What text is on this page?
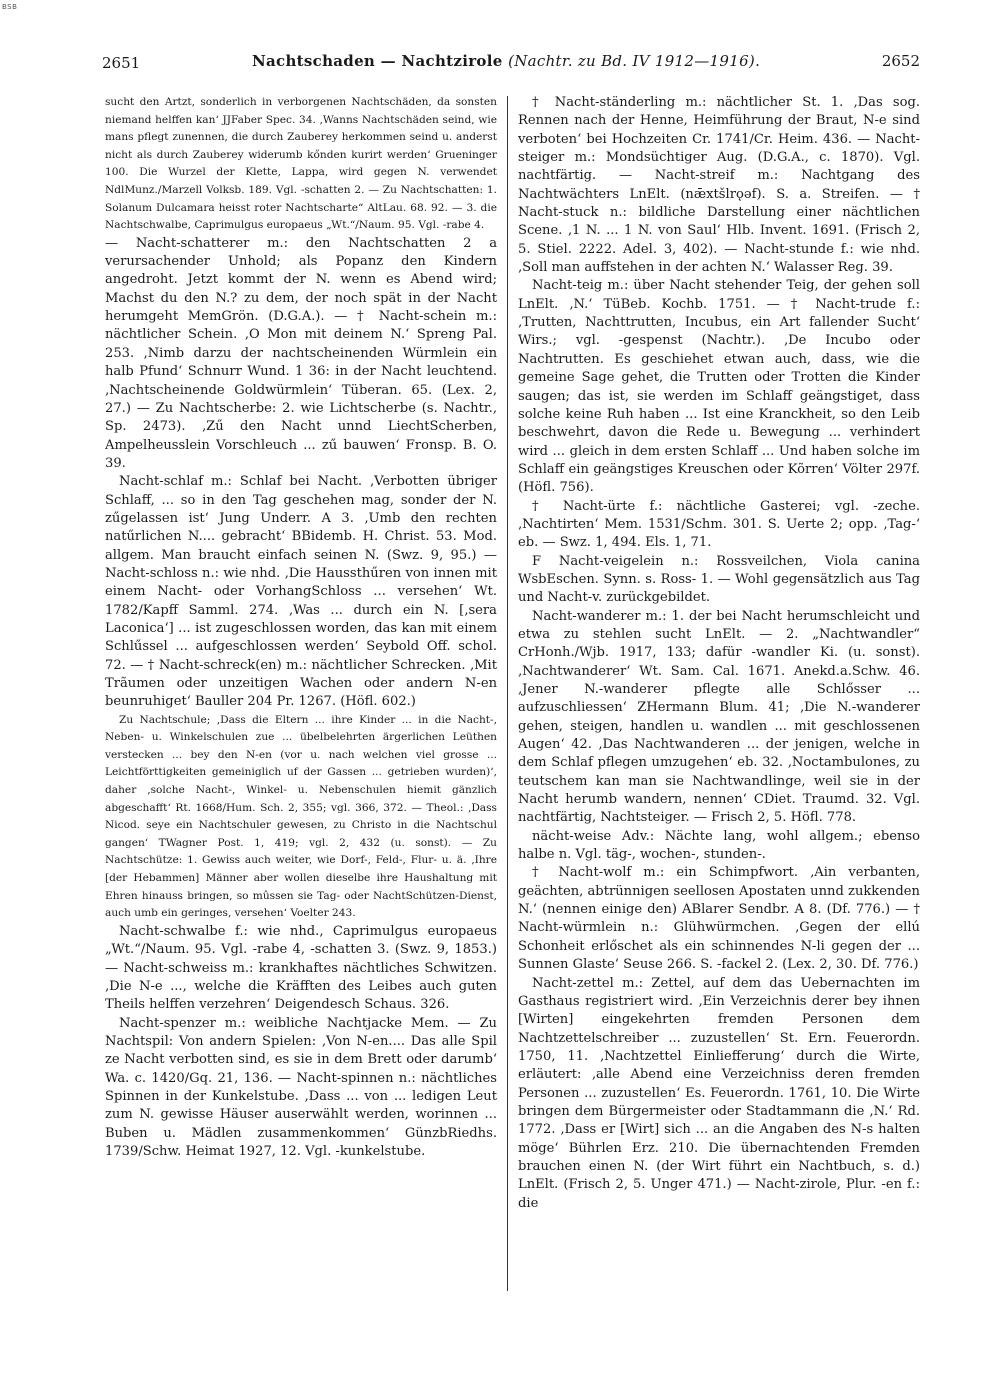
BSB
2651	Nachtschaden — Nachtzirole (Nachtr. zu Bd. IV 1912—1916).	2652

sucht den Artzt, sonderlich in verborgenen Nachtschäden, da sonsten niemand helffen kan‘ JJFaber Spec. 34. ‚Wanns Nachtschäden seind, wie mans pflegt zunennen, die durch Zauberey herkommen seind u. anderst nicht als durch Zauberey widerumb kőnden kurirt werden‘ Grueninger 100. Die Wurzel der Klette, Lappa, wird gegen N. verwendet NdlMunz./Marzell Volksb. 189. Vgl. -schatten 2. — Zu Nachtschatten: 1. Solanum Dulcamara heisst roter Nachtscharte“ AltLau. 68. 92. — 3. die Nachtschwalbe, Caprimulgus europaeus „Wt.“/Naum. 95. Vgl. -rabe 4.

— Nacht-schatterer m.: den Nachtschatten 2 a verursachender Unhold; als Popanz den Kindern angedroht. Jetzt kommt der N. wenn es Abend wird; Machst du den N.? zu dem, der noch spät in der Nacht herumgeht MemGrön. (D.G.A.). — † Nacht-schein m.: nächtlicher Schein. ‚O Mon mit deinem N.‘ Spreng Pal. 253. ‚Nimb darzu der nachtscheinenden Würmlein ein halb Pfund‘ Schnurr Wund. 1 36: in der Nacht leuchtend. ‚Nachtscheinende Goldwürmlein‘ Tüberan. 65. (Lex. 2, 27.) — Zu Nachtscherbe: 2. wie Lichtscherbe (s. Nachtr., Sp. 2473). ‚Zű den Nacht unnd LiechtScherben, Ampelheusslein Vorschleuch ... zű bauwen‘ Fronsp. B. O. 39.

Nacht-schlaf m.: Schlaf bei Nacht. ‚Verbotten übriger Schlaff, ... so in den Tag geschehen mag, sonder der N. zűgelassen ist‘ Jung Underr. A 3. ‚Umb den rechten natűrlichen N.... gebracht‘ BBidemb. H. Christ. 53. Mod. allgem. Man braucht einfach seinen N. (Swz. 9, 95.) — Nacht-schloss n.: wie nhd. ‚Die Haussthűren von innen mit einem Nacht- oder VorhangSchloss ... versehen‘ Wt. 1782/Kapff Samml. 274. ‚Was ... durch ein N. [‚sera Laconica‘] ... ist zugeschlossen worden, das kan mit einem Schlűssel ... aufgeschlossen werden‘ Seybold Off. schol. 72. — † Nacht-schreck(en) m.: nächtlicher Schrecken. ‚Mit Trãumen oder unzeitigen Wachen oder andern N-en beunruhiget‘ Bauller 204 Pr. 1267. (Höfl. 602.)

Zu Nachtschule; ‚Dass die Eltern ... ihre Kinder ... in die Nacht-, Neben- u. Winkelschulen zue ... übelbelehrten ärgerlichen Leüthen verstecken ... bey den N-en (vor u. nach welchen viel grosse ... Leichtförttigkeiten gemeiniglich uf der Gassen ... getrieben wurden)‘, daher ‚solche Nacht-, Winkel- u. Nebenschulen hiemit gänzlich abgeschafft‘ Rt. 1668/Hum. Sch. 2, 355; vgl. 366, 372. — Theol.: ‚Dass Nicod. seye ein Nachtschuler gewesen, zu Christo in die Nachtschul gangen‘ TWagner Post. 1, 419; vgl. 2, 432 (u. sonst). — Zu Nachtschütze: 1. Gewiss auch weiter, wie Dorf-, Feld-, Flur- u. ä. ‚Ihre [der Hebammen] Männer aber wollen dieselbe ihre Haushaltung mit Ehren hinauss bringen, so mûssen sie Tag- oder NachtSchützen-Dienst, auch umb ein geringes, versehen‘ Voelter 243.

Nacht-schwalbe f.: wie nhd., Caprimulgus europaeus „Wt.“/Naum. 95. Vgl. -rabe 4, -schatten 3. (Swz. 9, 1853.) — Nacht-schweiss m.: krankhaftes nächtliches Schwitzen. ‚Die N-e ..., welche die Kräfften des Leibes auch guten Theils helffen verzehren‘ Deigendesch Schaus. 326.

Nacht-spenzer m.: weibliche Nachtjacke Mem. — Zu Nachtspil: Von andern Spielen: ‚Von N-en.... Das alle Spil ze Nacht verbotten sind, es sie in dem Brett oder darumb‘ Wa. c. 1420/Gq. 21, 136. — Nacht-spinnen n.: nächtliches Spinnen in der Kunkelstube. ‚Dass ... von ... ledigen Leut zum N. gewisse Häuser auserwählt werden, worinnen ... Buben u. Mädlen zusammenkommen‘ GünzbRiedhs. 1739/Schw. Heimat 1927, 12. Vgl. -kunkelstube.

† Nacht-ständerling m.: nächtlicher St. 1. ‚Das sog. Rennen nach der Henne, Heimführung der Braut, N-e sind verboten‘ bei Hochzeiten Cr. 1741/Cr. Heim. 436. — Nacht-steiger m.: Mondsüchtiger Aug. (D.G.A., c. 1870). Vgl. nachtfärtig. — Nacht-streif m.: Nachtgang des Nachtwächters LnElt. (nǣxtšlrǫəf). S. a. Streifen. — † Nacht-stuck n.: bildliche Darstellung einer nächtlichen Scene. ‚1 N. ... 1 N. von Saul‘ Hlb. Invent. 1691. (Frisch 2, 5. Stiel. 2222. Adel. 3, 402). — Nacht-stunde f.: wie nhd. ‚Soll man auffstehen in der achten N.‘ Walasser Reg. 39.

Nacht-teig m.: über Nacht stehender Teig, der gehen soll LnElt. ‚N.‘ TüBeb. Kochb. 1751. — † Nacht-trude f.: ‚Trutten, Nachttrutten, Incubus, ein Art fallender Sucht‘ Wirs.; vgl. -gespenst (Nachtr.). ‚De Incubo oder Nachtrutten. Es geschiehet etwan auch, dass, wie die gemeine Sage gehet, die Trutten oder Trotten die Kinder saugen; das ist, sie werden im Schlaff geängstiget, dass solche keine Ruh haben ... Ist eine Kranckheit, so den Leib beschwehrt, davon die Rede u. Bewegung ... verhindert wird ... gleich in dem ersten Schlaff ... Und haben solche im Schlaff ein geängstiges Kreuschen oder Kõrren‘ Völter 297f. (Höfl. 756).

† Nacht-ürte f.: nächtliche Gasterei; vgl. -zeche. ‚Nachtirten‘ Mem. 1531/Schm. 301. S. Uerte 2; opp. ‚Tag-‘ eb. — Swz. 1, 494. Els. 1, 71.

F Nacht-veigelein n.: Rossveilchen, Viola canina WsbEschen. Synn. s. Ross- 1. — Wohl gegensätzlich aus Tag und Nacht-v. zurückgebildet.

Nacht-wanderer m.: 1. der bei Nacht herumschleicht und etwa zu stehlen sucht LnElt. — 2. „Nachtwandler“ CrHonh./Wjb. 1917, 133; dafür -wandler Ki. (u. sonst). ‚Nachtwanderer‘ Wt. Sam. Cal. 1671. Anekd.a.Schw. 46. ‚Jener N.-wanderer pflegte alle Schlősser ... aufzuschliessen‘ ZHermann Blum. 41; ‚Die N.-wanderer gehen, steigen, handlen u. wandlen ... mit geschlossenen Augen‘ 42. ‚Das Nachtwanderen ... der jenigen, welche in dem Schlaf pflegen umzugehen‘ eb. 32. ‚Noctambulones, zu teutschem kan man sie Nachtwandlinge, weil sie in der Nacht herumb wandern, nennen‘ CDiet. Traumd. 32. Vgl. nachtfärtig, Nachtsteiger. — Frisch 2, 5. Höfl. 778.

nächt-weise Adv.: Nächte lang, wohl allgem.; ebenso halbe n. Vgl. täg-, wochen-, stunden-.

† Nacht-wolf m.: ein Schimpfwort. ‚Ain verbanten, geächten, abtrünnigen seellosen Apostaten unnd zukkenden N.‘ (nennen einige den) ABlarer Sendbr. A 8. (Df. 776.) — † Nacht-würmlein n.: Glühwürmchen. ‚Gegen der ellú Schonheit erlőschet als ein schinnendes N-li gegen der ... Sunnen Glaste‘ Seuse 266. S. -fackel 2. (Lex. 2, 30. Df. 776.)

Nacht-zettel m.: Zettel, auf dem das Uebernachten im Gasthaus registriert wird. ‚Ein Verzeichnis derer bey ihnen [Wirten] eingekehrten fremden Personen dem Nachtzettelschreiber ... zuzustellen‘ St. Ern. Feuerordn. 1750, 11. ‚Nachtzettel Einliefferung‘ durch die Wirte, erläutert: ‚alle Abend eine Verzeichniss deren fremden Personen ... zuzustellen‘ Es. Feuerordn. 1761, 10. Die Wirte bringen dem Bürgermeister oder Stadtammann die ‚N.‘ Rd. 1772. ‚Dass er [Wirt] sich ... an die Angaben des N-s halten möge‘ Bührlen Erz. 210. Die übernachtenden Fremden brauchen einen N. (der Wirt führt ein Nachtbuch, s. d.) LnElt. (Frisch 2, 5. Unger 471.) — Nacht-zirole, Plur. -en f.: die
